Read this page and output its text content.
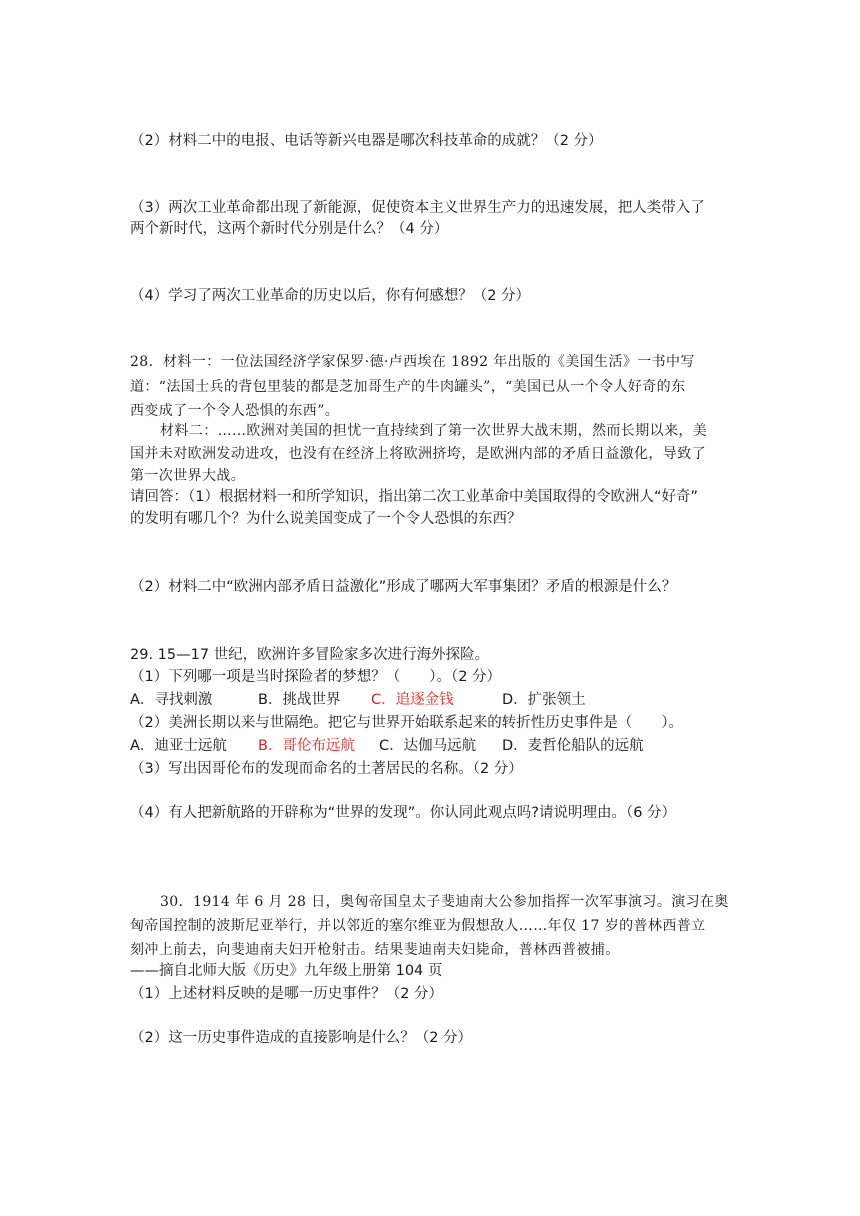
（2）材料二中的电报、电话等新兴电器是哪次科技革命的成就？（2 分）
（3）两次工业革命都出现了新能源，促使资本主义世界生产力的迅速发展，把人类带入了
两个新时代，这两个新时代分别是什么？（4 分）
（4）学习了两次工业革命的历史以后，你有何感想？（2 分）
28．材料一：一位法国经济学家保罗·德·卢西埃在 1892 年出版的《美国生活》一书中写
道：“法国士兵的背包里装的都是芝加哥生产的牛肉罐头”，“美国已从一个令人好奇的东
西变成了一个令人恐惧的东西”。
材料二：……欧洲对美国的担忧一直持续到了第一次世界大战末期，然而长期以来，美
国并未对欧洲发动进攻，也没有在经济上将欧洲挤垮，是欧洲内部的矛盾日益激化，导致了
第一次世界大战。
请回答：（1）根据材料一和所学知识，指出第二次工业革命中美国取得的令欧洲人“好奇”
的发明有哪几个？为什么说美国变成了一个令人恐惧的东西？
（2）材料二中“欧洲内部矛盾日益激化”形成了哪两大军事集团？矛盾的根源是什么？
29. 15—17 世纪，欧洲许多冒险家多次进行海外探险。
（1）下列哪一项是当时探险者的梦想？（　　）。（2 分）
A．寻找刺激	B．挑战世界 C．追逐金钱	D．扩张领土
（2）美洲长期以来与世隔绝。把它与世界开始联系起来的转折性历史事件是（　　）。
A．迪亚士远航 B．哥伦布远航 C．达伽马远航 D．麦哲伦船队的远航
（3）写出因哥伦布的发现而命名的土著居民的名称。（2 分）
（4）有人把新航路的开辟称为“世界的发现”。你认同此观点吗?请说明理由。（6 分）
30．1914 年 6 月 28 日，奥匈帝国皇太子斐迪南大公参加指挥一次军事演习。演习在奥
匈帝国控制的波斯尼亚举行，并以邻近的塞尔维亚为假想敌人……年仅 17 岁的普林西普立
刻冲上前去，向斐迪南夫妇开枪射击。结果斐迪南夫妇毙命，普林西普被捕。
——摘自北师大版《历史》九年级上册第 104 页
（1）上述材料反映的是哪一历史事件？（2 分）
（2）这一历史事件造成的直接影响是什么？（2 分）
